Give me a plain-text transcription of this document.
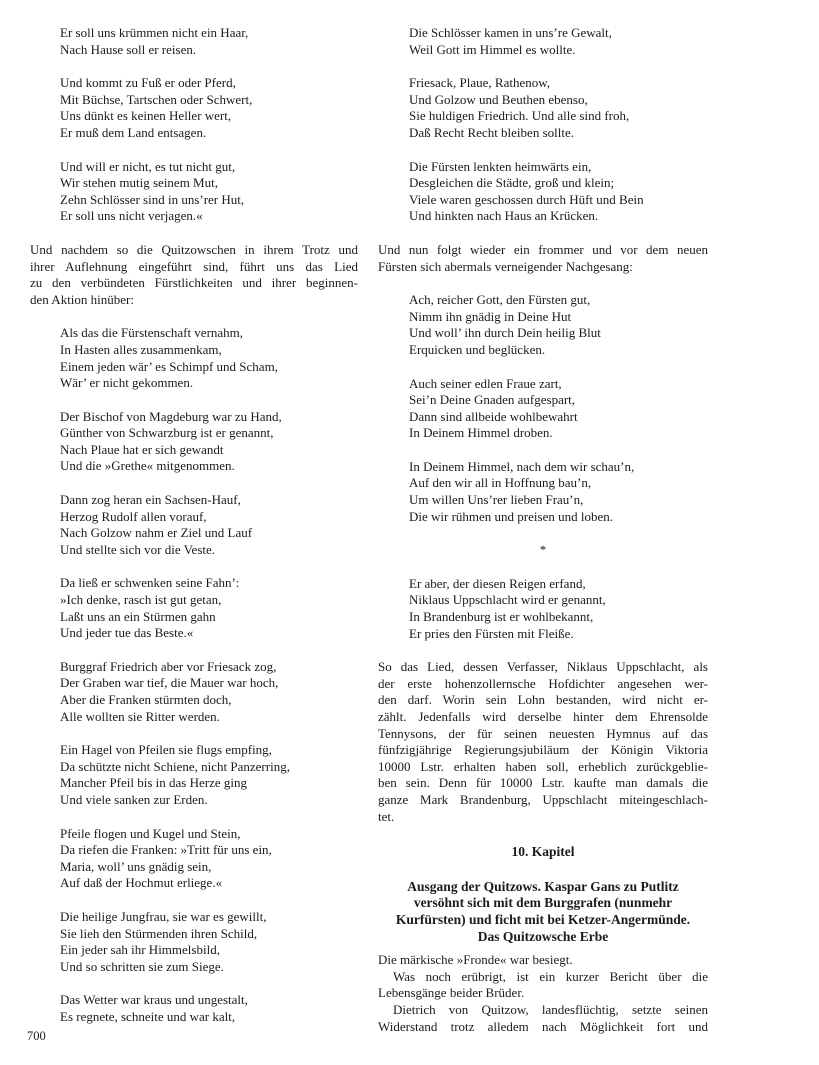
Er soll uns krümmen nicht ein Haar,
Nach Hause soll er reisen.
Und kommt zu Fuß er oder Pferd,
Mit Büchse, Tartschen oder Schwert,
Uns dünkt es keinen Heller wert,
Er muß dem Land entsagen.
Und will er nicht, es tut nicht gut,
Wir stehen mutig seinem Mut,
Zehn Schlösser sind in uns’rer Hut,
Er soll uns nicht verjagen.«
Und nachdem so die Quitzowschen in ihrem Trotz und
ihrer Auflehnung eingeführt sind, führt uns das Lied
zu den verbündeten Fürstlichkeiten und ihrer beginnen-
den Aktion hinüber:
Als das die Fürstenschaft vernahm,
In Hasten alles zusammenkam,
Einem jeden wär’ es Schimpf und Scham,
Wär’ er nicht gekommen.
Der Bischof von Magdeburg war zu Hand,
Günther von Schwarzburg ist er genannt,
Nach Plaue hat er sich gewandt
Und die »Grethe« mitgenommen.
Dann zog heran ein Sachsen-Hauf,
Herzog Rudolf allen vorauf,
Nach Golzow nahm er Ziel und Lauf
Und stellte sich vor die Veste.
Da ließ er schwenken seine Fahn’:
»Ich denke, rasch ist gut getan,
Laßt uns an ein Stürmen gahn
Und jeder tue das Beste.«
Burggraf Friedrich aber vor Friesack zog,
Der Graben war tief, die Mauer war hoch,
Aber die Franken stürmten doch,
Alle wollten sie Ritter werden.
Ein Hagel von Pfeilen sie flugs empfing,
Da schützte nicht Schiene, nicht Panzerring,
Mancher Pfeil bis in das Herze ging
Und viele sanken zur Erden.
Pfeile flogen und Kugel und Stein,
Da riefen die Franken: »Tritt für uns ein,
Maria, woll’ uns gnädig sein,
Auf daß der Hochmut erliege.«
Die heilige Jungfrau, sie war es gewillt,
Sie lieh den Stürmenden ihren Schild,
Ein jeder sah ihr Himmelsbild,
Und so schritten sie zum Siege.
Das Wetter war kraus und ungestalt,
Es regnete, schneite und war kalt,
Die Schlösser kamen in uns’re Gewalt,
Weil Gott im Himmel es wollte.
Friesack, Plaue, Rathenow,
Und Golzow und Beuthen ebenso,
Sie huldigen Friedrich. Und alle sind froh,
Daß Recht Recht bleiben sollte.
Die Fürsten lenkten heimwärts ein,
Desgleichen die Städte, groß und klein;
Viele waren geschossen durch Hüft und Bein
Und hinkten nach Haus an Krücken.
Und nun folgt wieder ein frommer und vor dem neuen
Fürsten sich abermals verneigender Nachgesang:
Ach, reicher Gott, den Fürsten gut,
Nimm ihn gnädig in Deine Hut
Und woll’ ihn durch Dein heilig Blut
Erquicken und beglücken.
Auch seiner edlen Fraue zart,
Sei’n Deine Gnaden aufgespart,
Dann sind allbeide wohlbewahrt
In Deinem Himmel droben.
In Deinem Himmel, nach dem wir schau’n,
Auf den wir all in Hoffnung bau’n,
Um willen Uns’rer lieben Frau’n,
Die wir rühmen und preisen und loben.
*
Er aber, der diesen Reigen erfand,
Niklaus Uppschlacht wird er genannt,
In Brandenburg ist er wohlbekannt,
Er pries den Fürsten mit Fleiße.
So das Lied, dessen Verfasser, Niklaus Uppschlacht, als
der erste hohenzollernsche Hofdichter angesehen wer-
den darf. Worin sein Lohn bestanden, wird nicht er-
zählt. Jedenfalls wird derselbe hinter dem Ehrensolde
Tennysons, der für seinen neuesten Hymnus auf das
fünfzigjährige Regierungsjubiläum der Königin Viktoria
10000 Lstr. erhalten haben soll, erheblich zurückgeblie-
ben sein. Denn für 10000 Lstr. kaufte man damals die
ganze Mark Brandenburg, Uppschlacht miteingeschlach-
tet.
10. Kapitel
Ausgang der Quitzows. Kaspar Gans zu Putlitz
versöhnt sich mit dem Burggrafen (nunmehr
Kurfürsten) und ficht mit bei Ketzer-Angermünde.
Das Quitzowsche Erbe
Die märkische »Fronde« war besiegt.
Was noch erübrigt, ist ein kurzer Bericht über die
Lebensgänge beider Brüder.
Dietrich von Quitzow, landesflüchtig, setzte seinen
Widerstand trotz alledem nach Möglichkeit fort und
700
